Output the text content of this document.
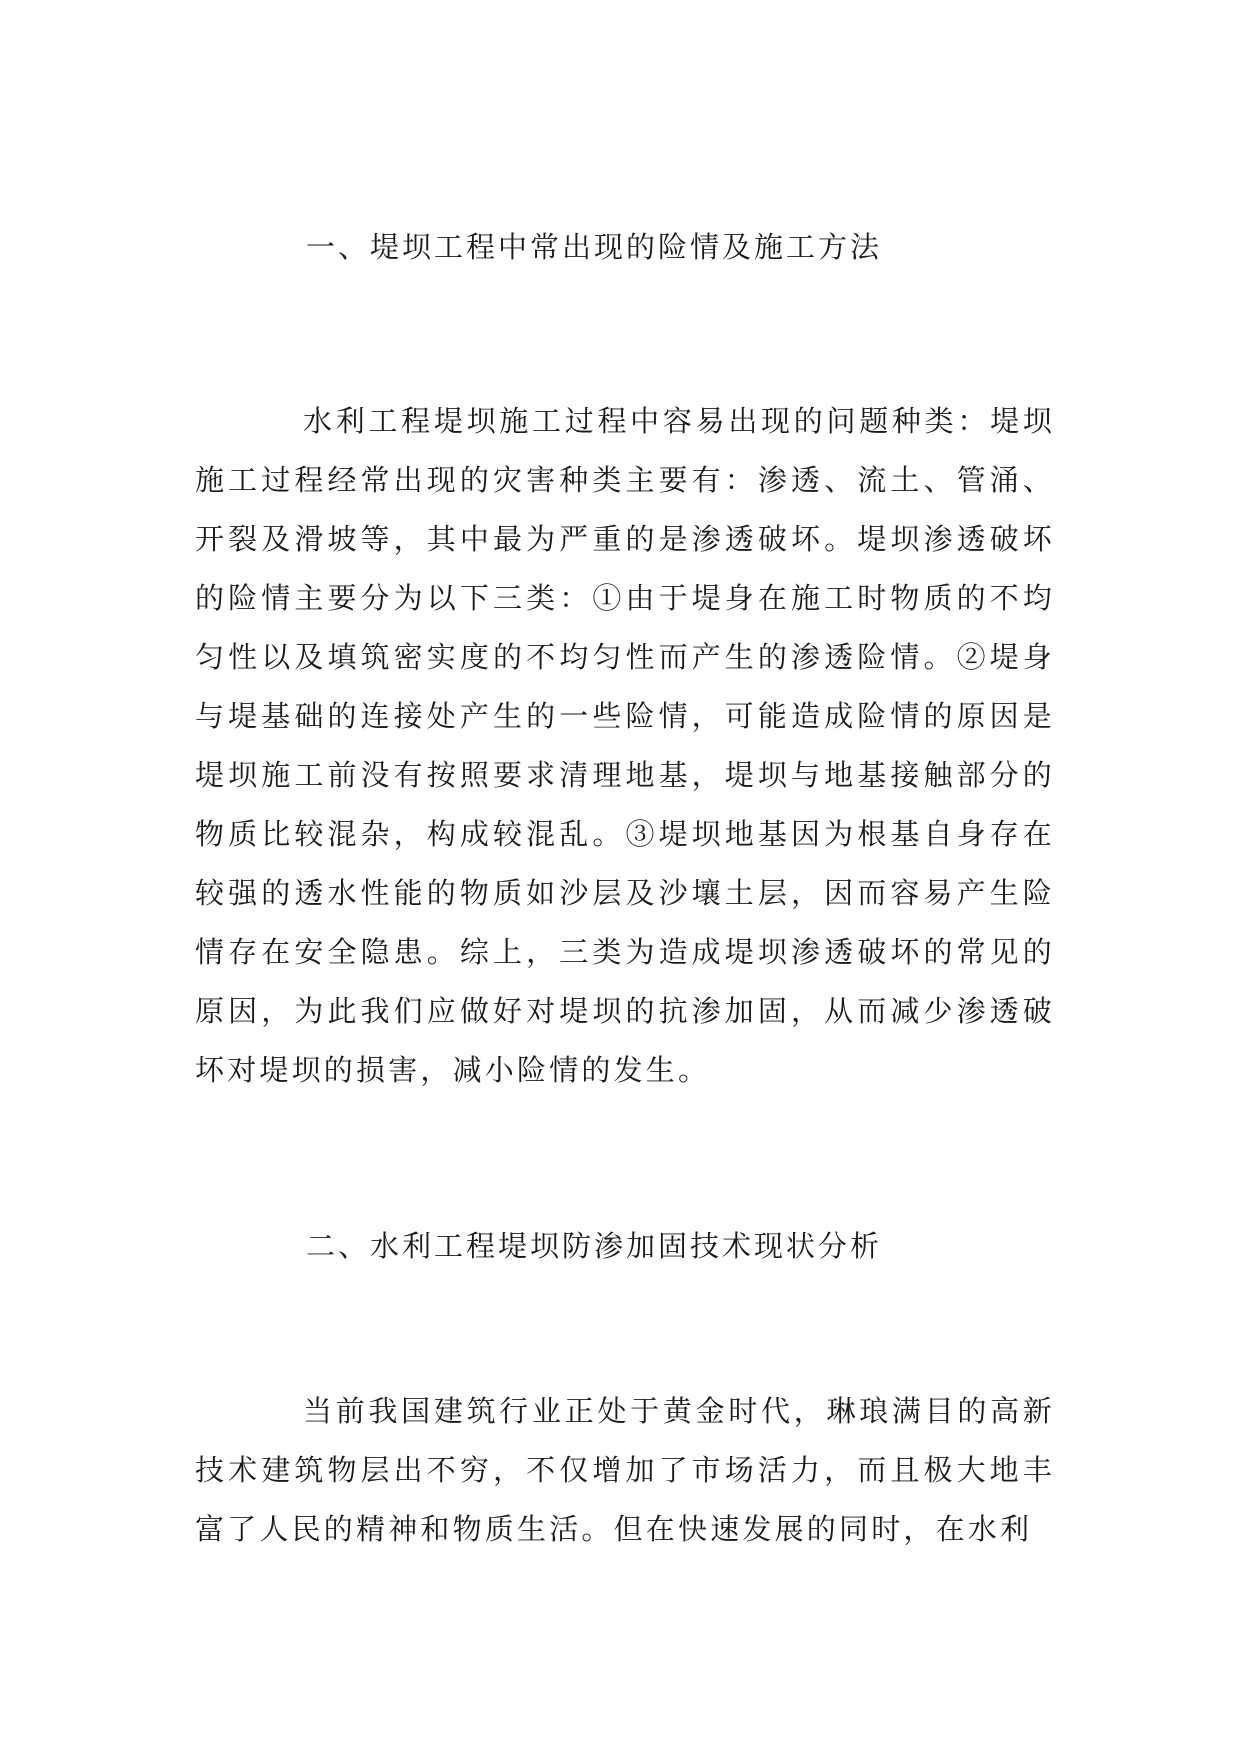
一、堤坝工程中常出现的险情及施工方法

水利工程堤坝施工过程中容易出现的问题种类：堤坝施工过程经常出现的灾害种类主要有：渗透、流土、管涌、开裂及滑坡等，其中最为严重的是渗透破坏。堤坝渗透破坏的险情主要分为以下三类：①由于堤身在施工时物质的不均匀性以及填筑密实度的不均匀性而产生的渗透险情。②堤身与堤基础的连接处产生的一些险情，可能造成险情的原因是堤坝施工前没有按照要求清理地基，堤坝与地基接触部分的物质比较混杂，构成较混乱。③堤坝地基因为根基自身存在较强的透水性能的物质如沙层及沙壤土层，因而容易产生险情存在安全隐患。综上，三类为造成堤坝渗透破坏的常见的原因，为此我们应做好对堤坝的抗渗加固，从而减少渗透破坏对堤坝的损害，减小险情的发生。

二、水利工程堤坝防渗加固技术现状分析

当前我国建筑行业正处于黄金时代，琳琅满目的高新技术建筑物层出不穷，不仅增加了市场活力，而且极大地丰富了人民的精神和物质生活。但在快速发展的同时，在水利
